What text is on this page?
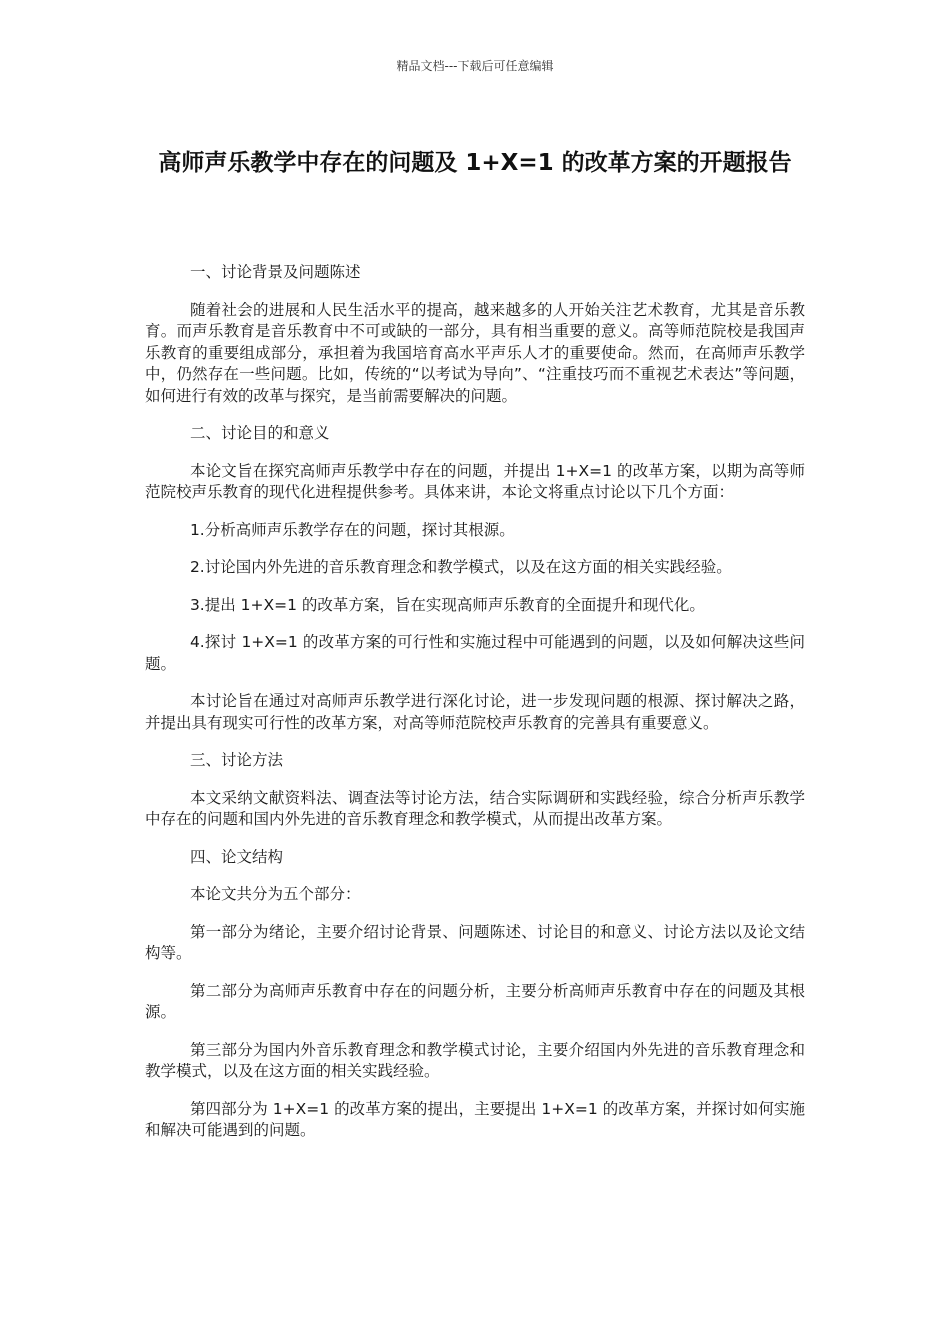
精品文档---下载后可任意编辑
高师声乐教学中存在的问题及 1+X=1 的改革方案的开题报告

一、讨论背景及问题陈述

随着社会的进展和人民生活水平的提高，越来越多的人开始关注艺术教育，尤其是音乐教育。而声乐教育是音乐教育中不可或缺的一部分，具有相当重要的意义。高等师范院校是我国声乐教育的重要组成部分，承担着为我国培育高水平声乐人才的重要使命。然而，在高师声乐教学中，仍然存在一些问题。比如，传统的“以考试为导向”、“注重技巧而不重视艺术表达”等问题，如何进行有效的改革与探究，是当前需要解决的问题。

二、讨论目的和意义

本论文旨在探究高师声乐教学中存在的问题，并提出 1+X=1 的改革方案，以期为高等师范院校声乐教育的现代化进程提供参考。具体来讲，本论文将重点讨论以下几个方面：

1.分析高师声乐教学存在的问题，探讨其根源。

2.讨论国内外先进的音乐教育理念和教学模式，以及在这方面的相关实践经验。

3.提出 1+X=1 的改革方案，旨在实现高师声乐教育的全面提升和现代化。

4.探讨 1+X=1 的改革方案的可行性和实施过程中可能遇到的问题，以及如何解决这些问题。

本讨论旨在通过对高师声乐教学进行深化讨论，进一步发现问题的根源、探讨解决之路，并提出具有现实可行性的改革方案，对高等师范院校声乐教育的完善具有重要意义。

三、讨论方法

本文采纳文献资料法、调查法等讨论方法，结合实际调研和实践经验，综合分析声乐教学中存在的问题和国内外先进的音乐教育理念和教学模式，从而提出改革方案。

四、论文结构

本论文共分为五个部分：

第一部分为绪论，主要介绍讨论背景、问题陈述、讨论目的和意义、讨论方法以及论文结构等。

第二部分为高师声乐教育中存在的问题分析，主要分析高师声乐教育中存在的问题及其根源。

第三部分为国内外音乐教育理念和教学模式讨论，主要介绍国内外先进的音乐教育理念和教学模式，以及在这方面的相关实践经验。

第四部分为 1+X=1 的改革方案的提出，主要提出 1+X=1 的改革方案，并探讨如何实施和解决可能遇到的问题。
